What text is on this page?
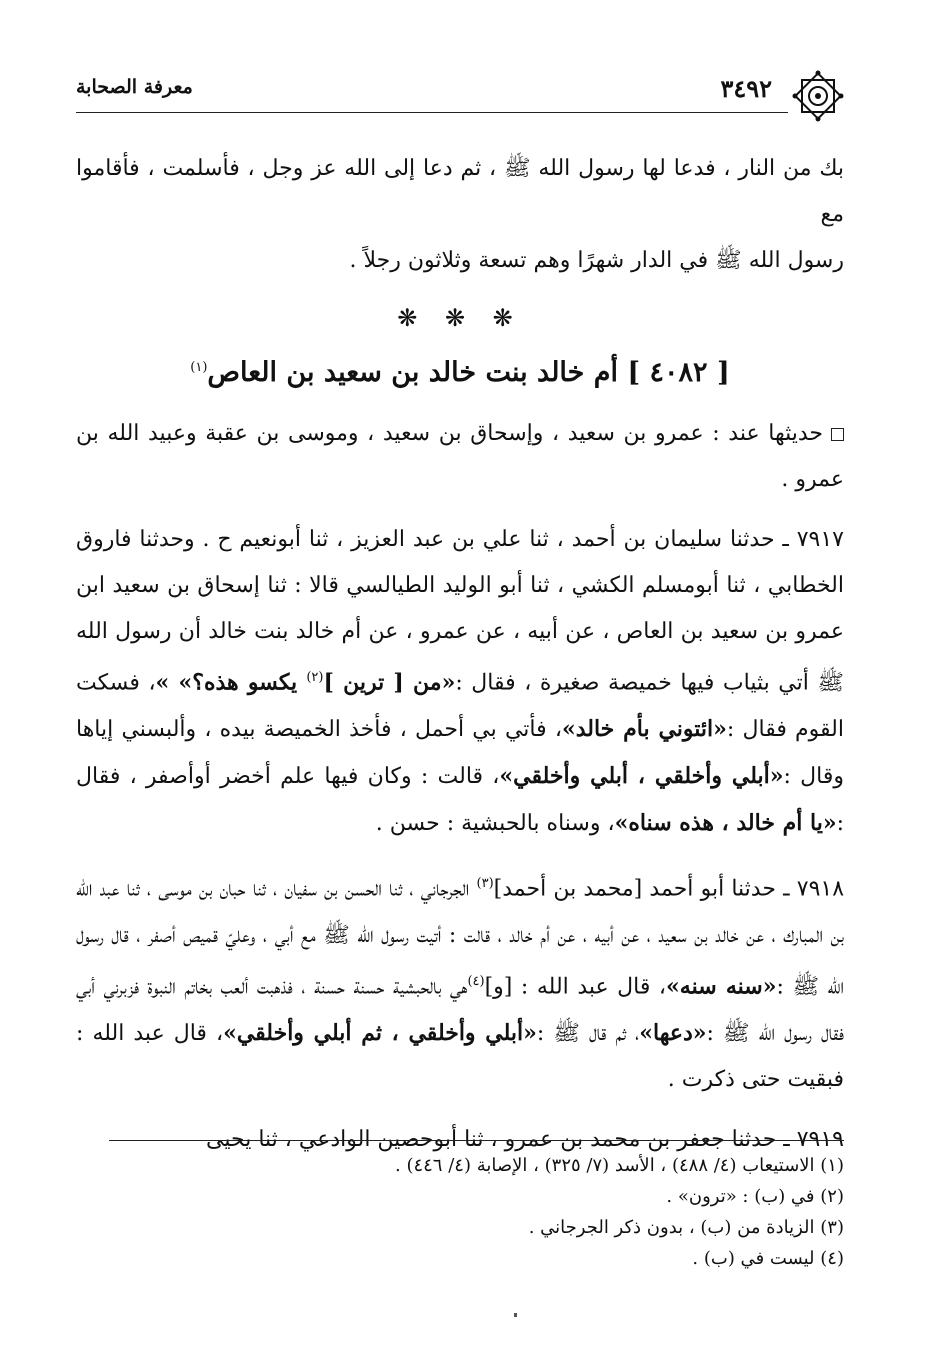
٣٤٩٢
معرفة الصحابة

بك من النار ، فدعا لها رسول الله ﷺ ، ثم دعا إلى الله عز وجل ، فأسلمت ، فأقاموا مع

رسول الله ﷺ في الدار شهرًا وهم تسعة وثلاثون رجلاً .

❋ ❋ ❋
[ ٤٠٨٢ ] أم خالد بنت خالد بن سعيد بن العاص$^{(١)}$

حديثها عند : عمرو بن سعيد ، وإسحاق بن سعيد ، وموسى بن عقبة وعبيد الله بن عمرو .

٧٩١٧ ـ حدثنا سليمان بن أحمد ، ثنا علي بن عبد العزيز ، ثنا أبونعيم ح . وحدثنا فاروق الخطابي ، ثنا أبومسلم الكشي ، ثنا أبو الوليد الطيالسي قالا : ثنا إسحاق بن سعيد ابن عمرو بن سعيد بن العاص ، عن أبيه ، عن عمرو ، عن أم خالد بنت خالد أن رسول الله ﷺ أتي بثياب فيها خميصة صغيرة ، فقال :«من [ ترين ]$^{(٢)}$ يكسو هذه؟» »، فسكت القوم فقال :«ائتوني بأم خالد»، فأتي بي أحمل ، فأخذ الخميصة بيده ، وألبسني إياها وقال :«أبلي وأخلقي ، أبلي وأخلقي»، قالت : وكان فيها علم أخضر أوأصفر ، فقال :«يا أم خالد ، هذه سناه»، وسناه بالحبشية : حسن .

٧٩١٨ ـ حدثنا أبو أحمد [محمد بن أحمد]$^{(٣)}$ الجرجاني ، ثنا الحسن بن سفيان ، ثنا حبان بن موسى ، ثنا عبد الله بن المبارك ، عن خالد بن سعيد ، عن أبيه ، عن أم خالد ، قالت : أتيت رسول الله ﷺ مع أبي ، وعليّ قميص أصفر ، قال رسول الله ﷺ :«سنه سنه»، قال عبد الله : [و]$^{(٤)}$هي بالحبشية حسنة حسنة ، فذهبت ألعب بخاتم النبوة فزبرني أبي فقال رسول الله ﷺ :«دعها»، ثم قال ﷺ :«أبلي وأخلقي ، ثم أبلي وأخلقي»، قال عبد الله : فبقيت حتى ذكرت .

٧٩١٩ ـ حدثنا جعفر بن محمد بن عمرو ، ثنا أبوحصين الوادعي ، ثنا يحيى

(١) الاستيعاب (٤/ ٤٨٨) ، الأسد (٧/ ٣٢٥) ، الإصابة (٤/ ٤٤٦) .
(٢) في (ب) : «ترون» .
(٣) الزيادة من (ب) ، بدون ذكر الجرجاني .
(٤) ليست في (ب) .
